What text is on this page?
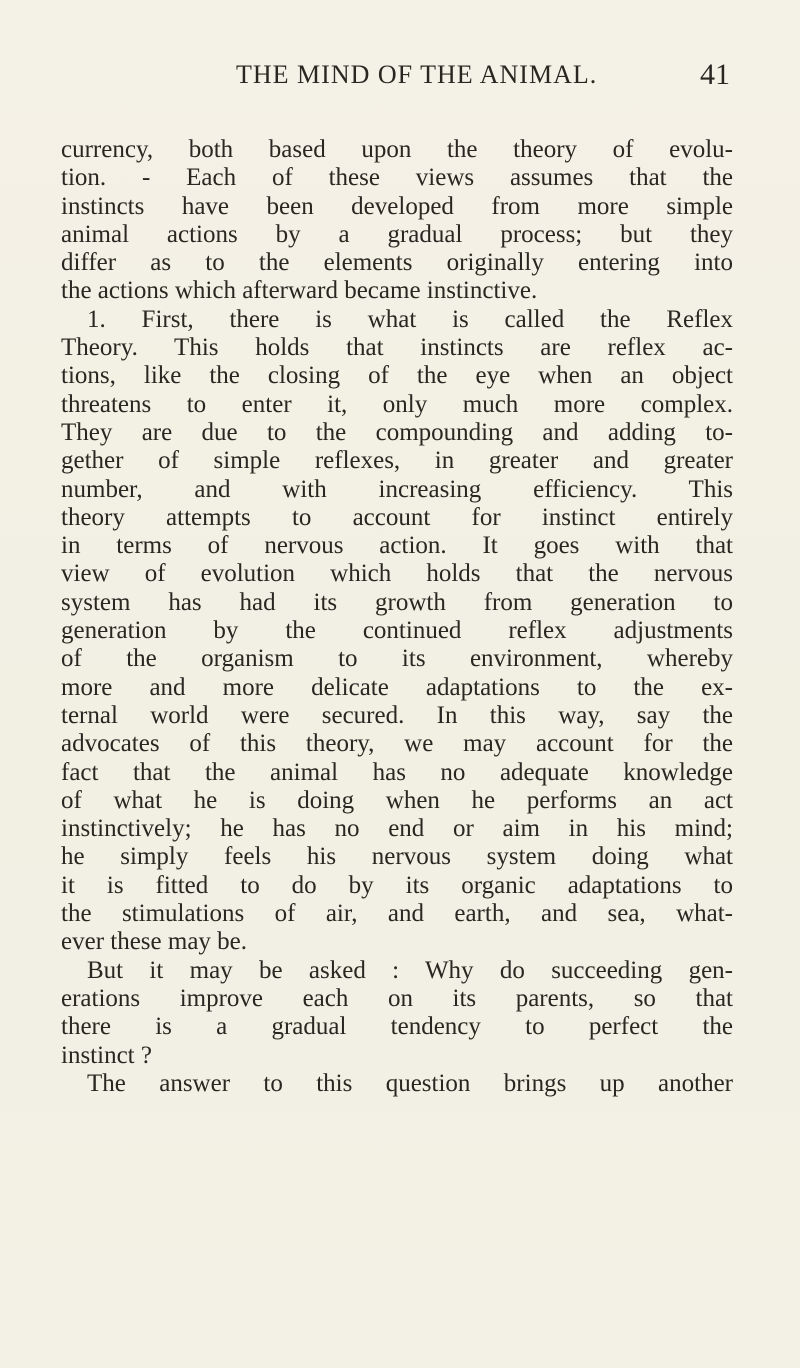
THE MIND OF THE ANIMAL.	41
currency, both based upon the theory of evolu-
tion. - Each of these views assumes that the
instincts have been developed from more simple
animal actions by a gradual process; but they
differ as to the elements originally entering into
the actions which afterward became instinctive.
1. First, there is what is called the Reflex
Theory. This holds that instincts are reflex ac-
tions, like the closing of the eye when an object
threatens to enter it, only much more complex.
They are due to the compounding and adding to-
gether of simple reflexes, in greater and greater
number, and with increasing efficiency. This
theory attempts to account for instinct entirely
in terms of nervous action. It goes with that
view of evolution which holds that the nervous
system has had its growth from generation to
generation by the continued reflex adjustments
of the organism to its environment, whereby
more and more delicate adaptations to the ex-
ternal world were secured. In this way, say the
advocates of this theory, we may account for the
fact that the animal has no adequate knowledge
of what he is doing when he performs an act
instinctively; he has no end or aim in his mind;
he simply feels his nervous system doing what
it is fitted to do by its organic adaptations to
the stimulations of air, and earth, and sea, what-
ever these may be.
But it may be asked : Why do succeeding gen-
erations improve each on its parents, so that
there is a gradual tendency to perfect the
instinct ?
The answer to this question brings up another
